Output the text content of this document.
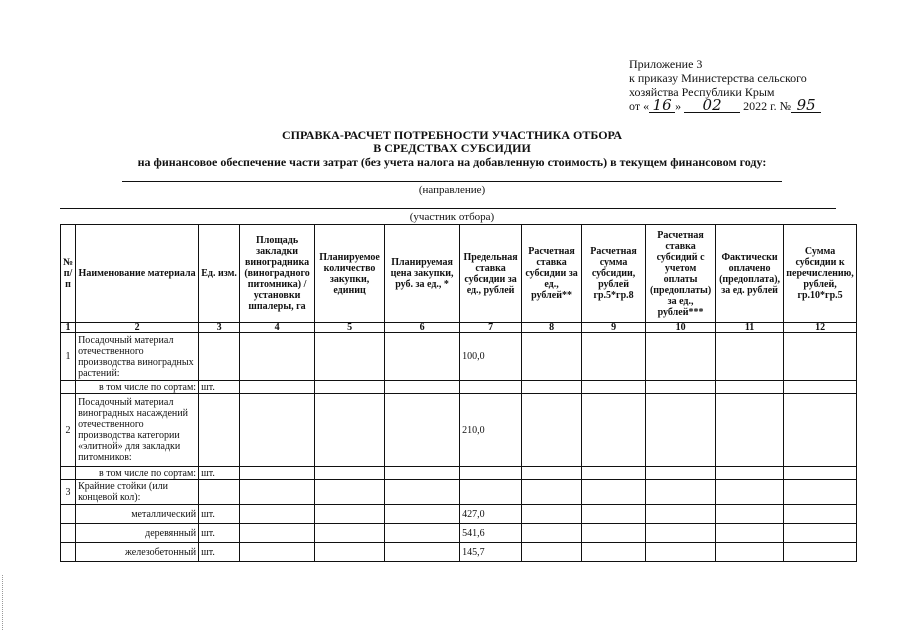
Приложение 3
к приказу Министерства сельского
хозяйства Республики Крым
от « 16 » 02 2022 г. № 95
СПРАВКА-РАСЧЕТ ПОТРЕБНОСТИ УЧАСТНИКА ОТБОРА
В СРЕДСТВАХ СУБСИДИИ
на финансовое обеспечение части затрат (без учета налога на добавленную стоимость) в текущем финансовом году:
(направление)
(участник отбора)
№ п/п	Наименование материала	Ед. изм.	Площадь закладки виноградника (виноградного питомника) / установки шпалеры, га	Планируемое количество закупки, единиц	Планируемая цена закупки, руб. за ед., *	Предельная ставка субсидии за ед., рублей	Расчетная ставка субсидии за ед., рублей**	Расчетная сумма субсидии, рублей гр.5*гр.8	Расчетная ставка субсидий с учетом оплаты (предоплаты) за ед., рублей***	Фактически оплачено (предоплата), за ед. рублей	Сумма субсидии к перечислению, рублей, гр.10*гр.5
1	2	3	4	5	6	7	8	9	10	11	12
1	Посадочный материал отечественного производства виноградных растений:					100,0					
	в том числе по сортам:	шт.									
2	Посадочный материал виноградных насаждений отечественного производства категории «элитной» для закладки питомников:					210,0					
	в том числе по сортам:	шт.									
3	Крайние стойки (или концевой кол):										
	металлический	шт.				427,0					
	деревянный	шт.				541,6					
	железобетонный	шт.				145,7					
